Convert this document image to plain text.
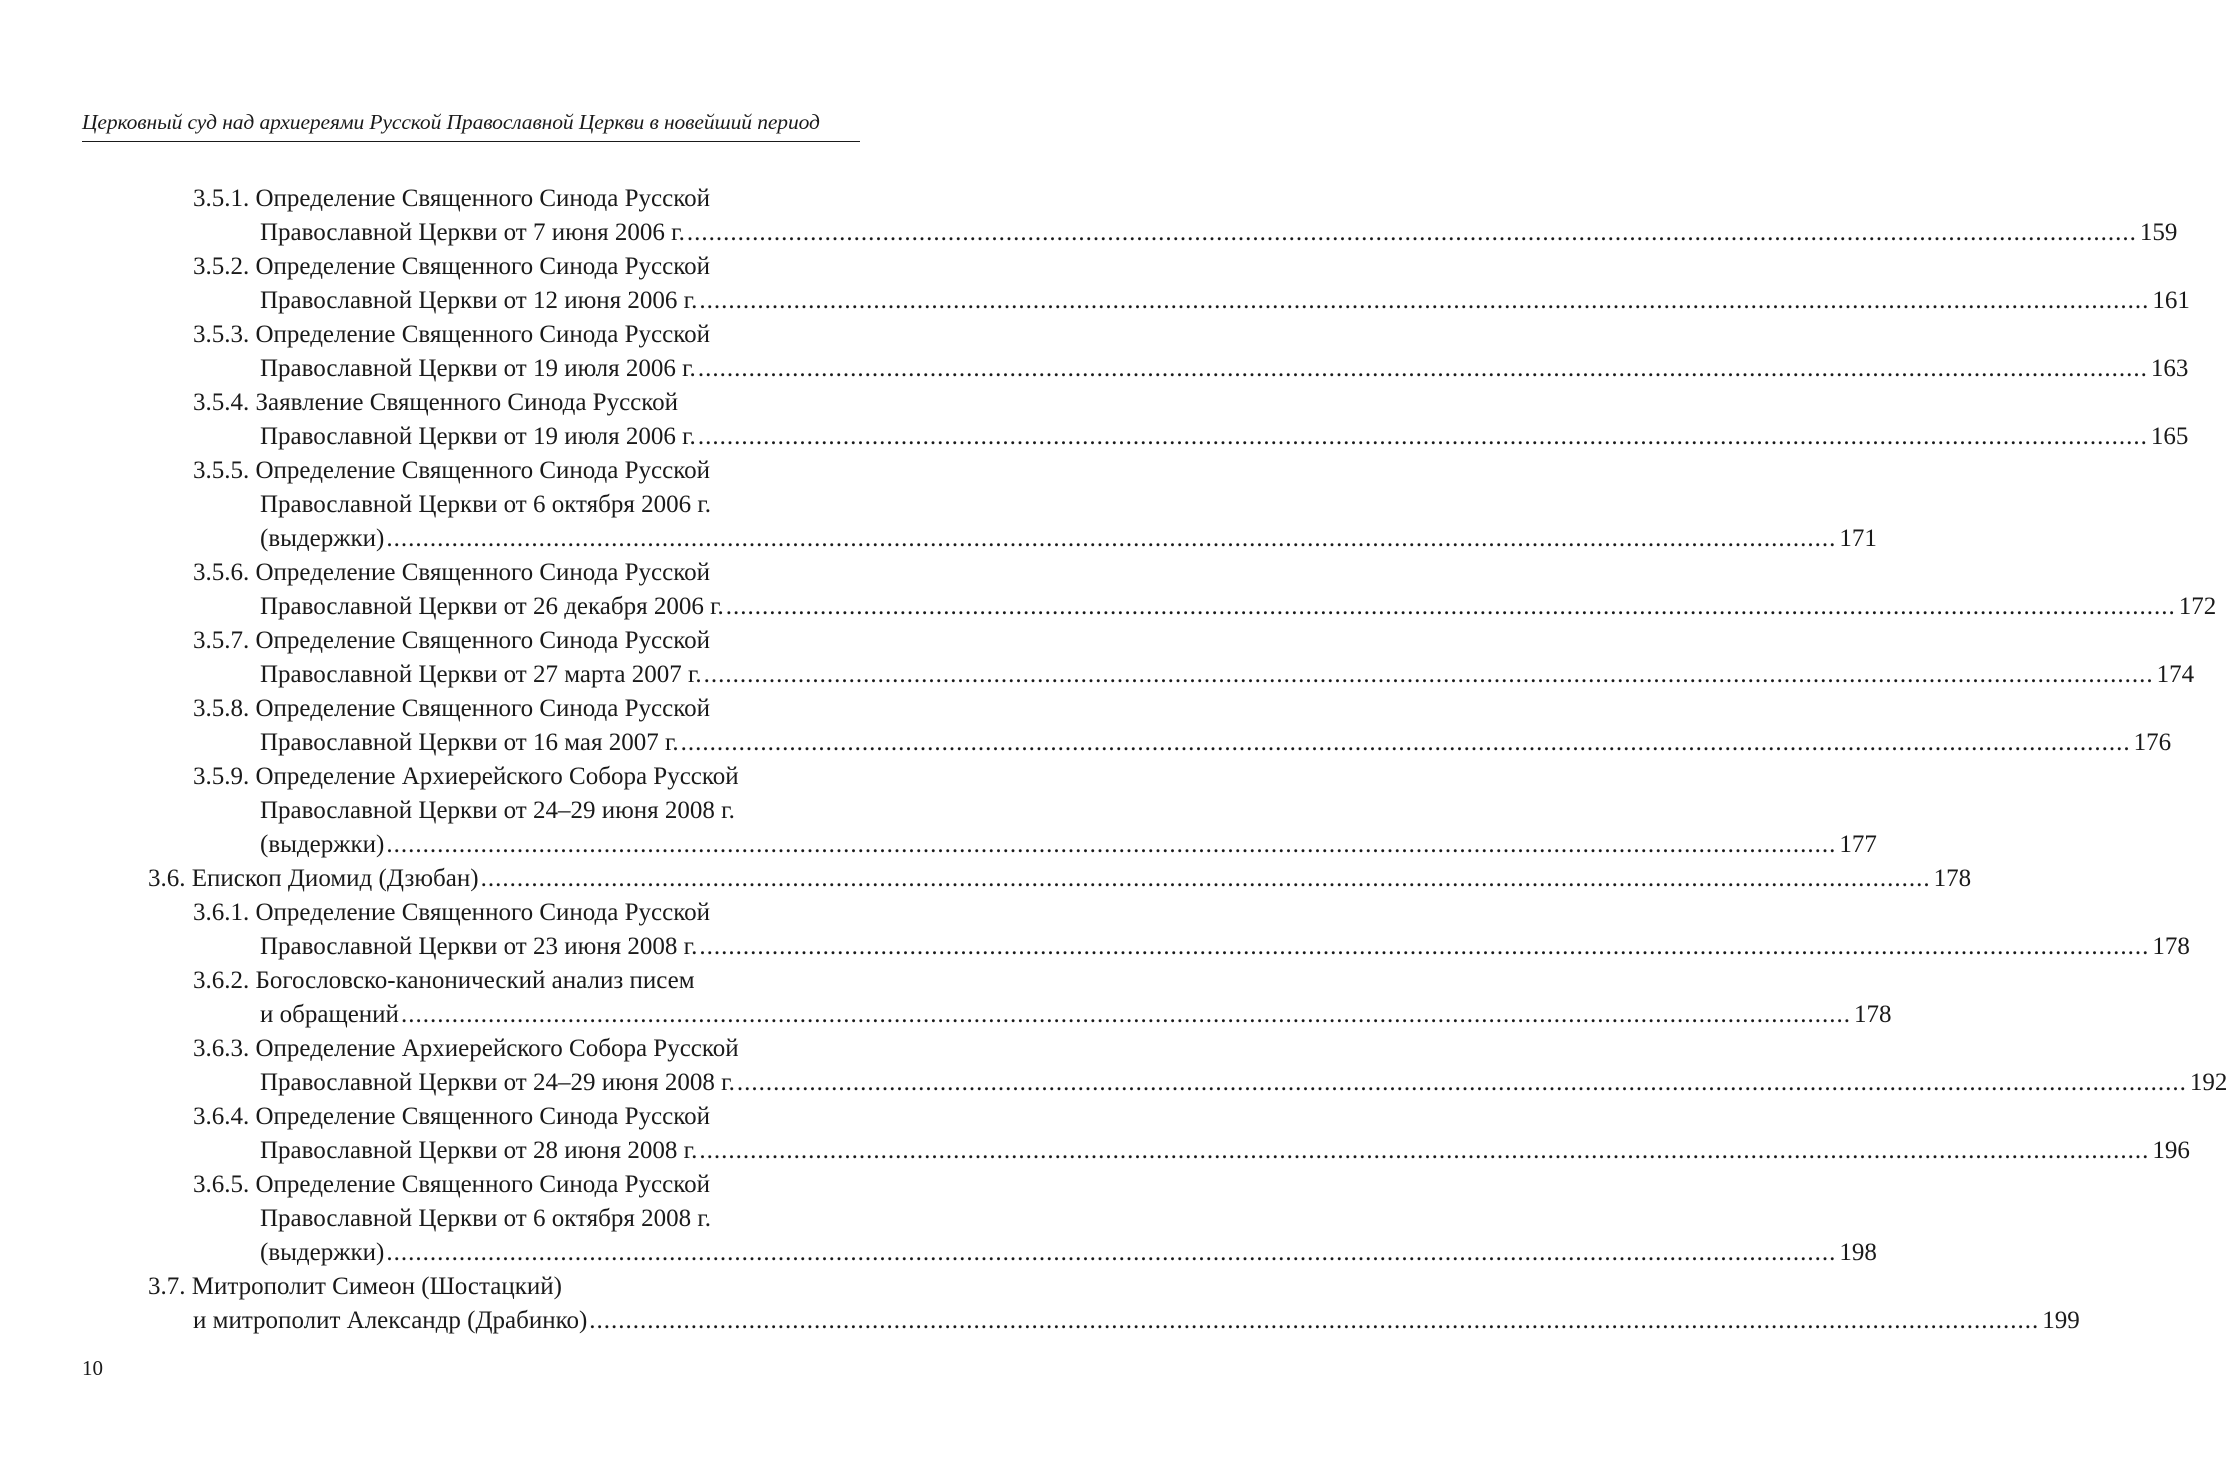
Церковный суд над архиереями Русской Православной Церкви в новейший период
3.5.1. Определение Священного Синода Русской
Православной Церкви от 7 июня 2006 г. ........................................................................................................................................................................................................ 159
3.5.2. Определение Священного Синода Русской
Православной Церкви от 12 июня 2006 г. ........................................................................................................................................................................................................ 161
3.5.3. Определение Священного Синода Русской
Православной Церкви от 19 июля 2006 г. ........................................................................................................................................................................................................ 163
3.5.4. Заявление Священного Синода Русской
Православной Церкви от 19 июля 2006 г. ........................................................................................................................................................................................................ 165
3.5.5. Определение Священного Синода Русской
Православной Церкви от 6 октября 2006 г.
(выдержки) ........................................................................................................................................................................................................ 171
3.5.6. Определение Священного Синода Русской
Православной Церкви от 26 декабря 2006 г. ........................................................................................................................................................................................................ 172
3.5.7. Определение Священного Синода Русской
Православной Церкви от 27 марта 2007 г. ........................................................................................................................................................................................................ 174
3.5.8. Определение Священного Синода Русской
Православной Церкви от 16 мая 2007 г. ........................................................................................................................................................................................................ 176
3.5.9. Определение Архиерейского Собора Русской
Православной Церкви от 24–29 июня 2008 г.
(выдержки) ........................................................................................................................................................................................................ 177
3.6. Епископ Диомид (Дзюбан) ........................................................................................................................................................................................................ 178
3.6.1. Определение Священного Синода Русской
Православной Церкви от 23 июня 2008 г. ........................................................................................................................................................................................................ 178
3.6.2. Богословско-канонический анализ писем
и обращений ........................................................................................................................................................................................................ 178
3.6.3. Определение Архиерейского Собора Русской
Православной Церкви от 24–29 июня 2008 г. ........................................................................................................................................................................................................ 192
3.6.4. Определение Священного Синода Русской
Православной Церкви от 28 июня 2008 г. ........................................................................................................................................................................................................ 196
3.6.5. Определение Священного Синода Русской
Православной Церкви от 6 октября 2008 г.
(выдержки) ........................................................................................................................................................................................................ 198
3.7. Митрополит Симеон (Шостацкий)
и митрополит Александр (Драбинко) ........................................................................................................................................................................................................ 199
10
